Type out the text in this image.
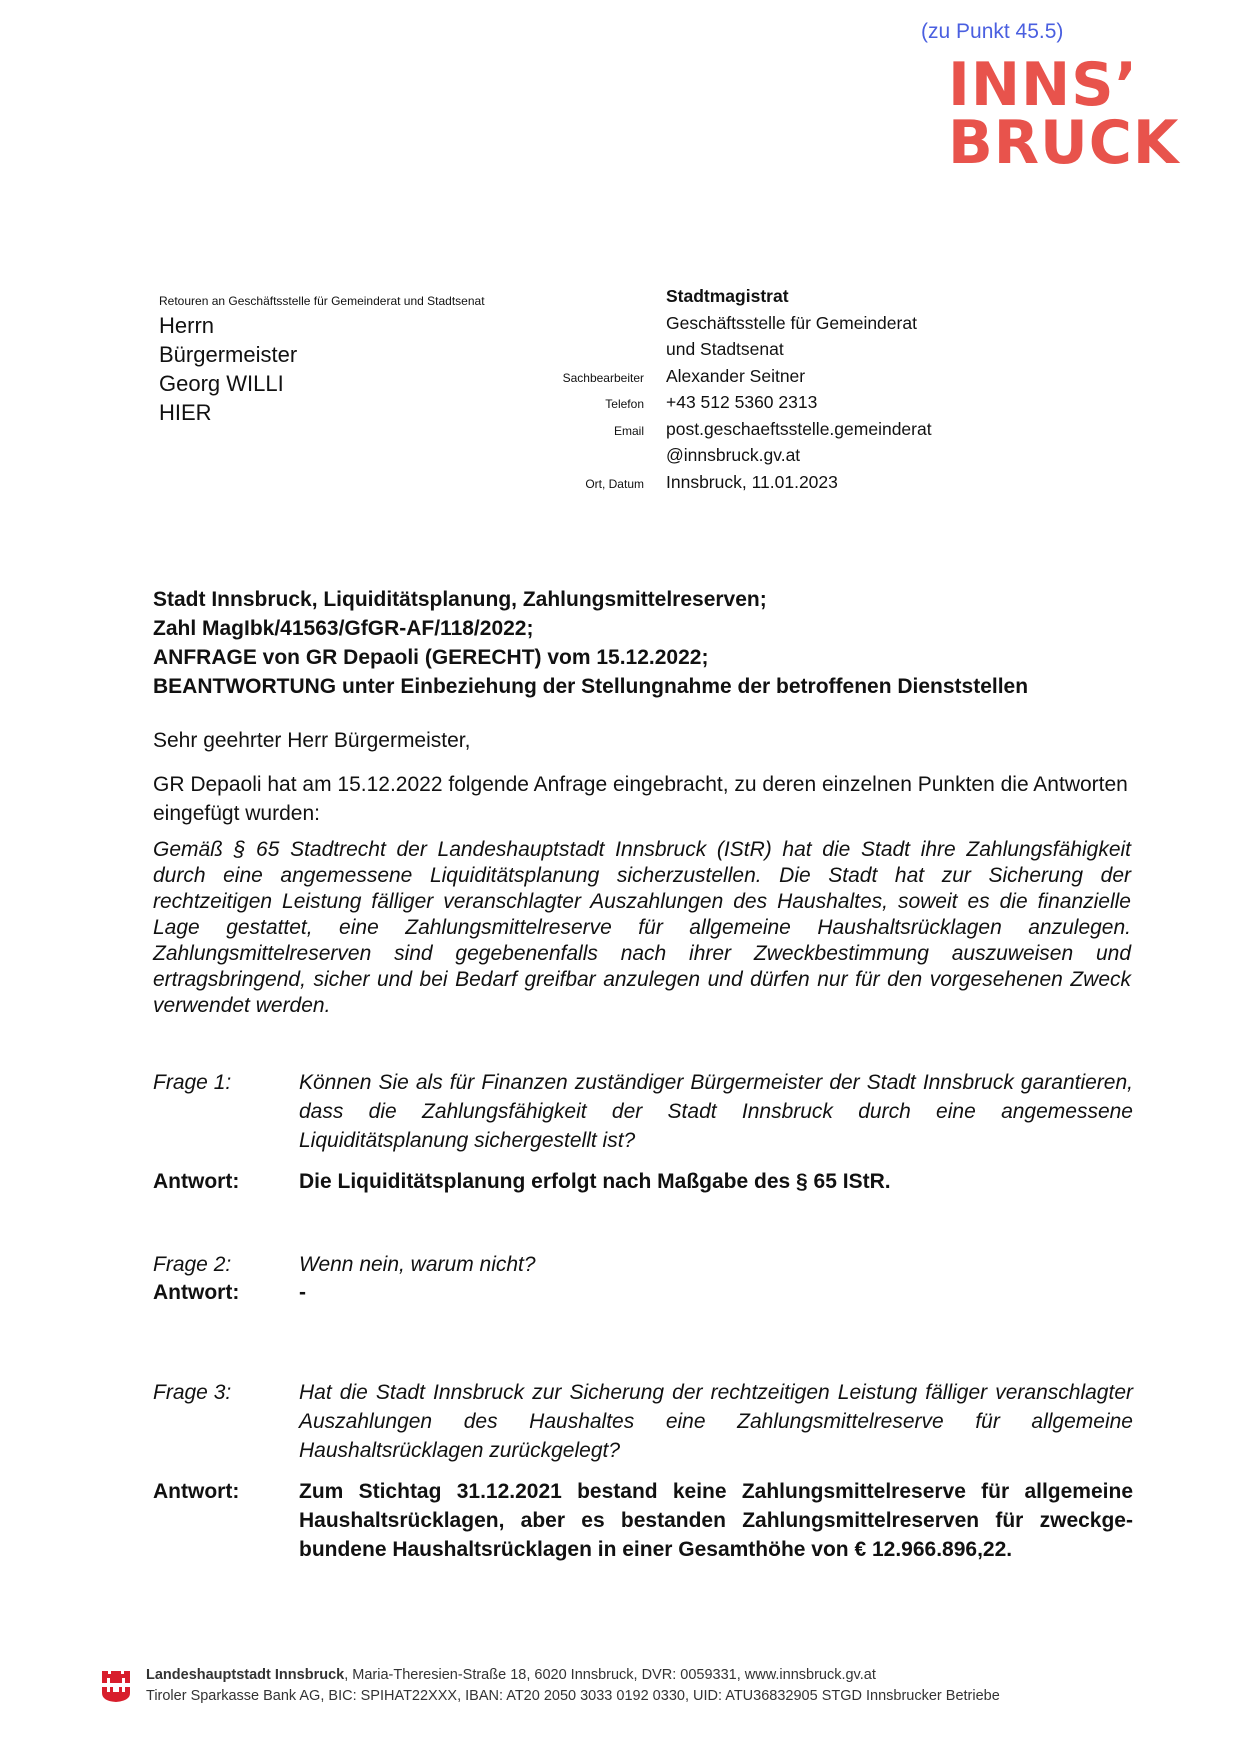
(zu Punkt 45.5)
INNS’
BRUCK
Retouren an Geschäftsstelle für Gemeinderat und Stadtsenat
Herrn
Bürgermeister
Georg WILLI
HIER
Stadtmagistrat
Geschäftsstelle für Gemeinderat
und Stadtsenat
Sachbearbeiter	Alexander Seitner
Telefon	+43 512 5360 2313
Email	post.geschaeftsstelle.gemeinderat
@innsbruck.gv.at
Ort, Datum	Innsbruck, 11.01.2023
Stadt Innsbruck, Liquiditätsplanung, Zahlungsmittelreserven;
Zahl MagIbk/41563/GfGR-AF/118/2022;
ANFRAGE von GR Depaoli (GERECHT) vom 15.12.2022;
BEANTWORTUNG unter Einbeziehung der Stellungnahme der betroffenen Dienststellen
Sehr geehrter Herr Bürgermeister,
GR Depaoli hat am 15.12.2022 folgende Anfrage eingebracht, zu deren einzelnen Punkten die Antworten eingefügt wurden:
Gemäß § 65 Stadtrecht der Landeshauptstadt Innsbruck (IStR) hat die Stadt ihre Zahlungsfähigkeit durch eine angemessene Liquiditätsplanung sicherzustellen. Die Stadt hat zur Sicherung der rechtzeitigen Leistung fälliger veranschlagter Auszahlungen des Haushaltes, soweit es die finanzielle Lage gestattet, eine Zahlungsmittelreserve für allgemeine Haushaltsrücklagen anzulegen. Zahlungsmittelreserven sind gegebenenfalls nach ihrer Zweckbestimmung auszuweisen und ertragsbringend, sicher und bei Bedarf greifbar anzulegen und dürfen nur für den vorgesehenen Zweck verwendet werden.
Frage 1:	Können Sie als für Finanzen zuständiger Bürgermeister der Stadt Innsbruck garantieren, dass die Zahlungsfähigkeit der Stadt Innsbruck durch eine angemessene Liquiditätsplanung sichergestellt ist?
Antwort:	Die Liquiditätsplanung erfolgt nach Maßgabe des § 65 IStR.
Frage 2:	Wenn nein, warum nicht?
Antwort:	-
Frage 3:	Hat die Stadt Innsbruck zur Sicherung der rechtzeitigen Leistung fälliger veranschlagter Auszahlungen des Haushaltes eine Zahlungsmittelreserve für allgemeine Haushaltsrücklagen zurückgelegt?
Antwort:	Zum Stichtag 31.12.2021 bestand keine Zahlungsmittelreserve für allgemeine Haushaltsrücklagen, aber es bestanden Zahlungsmittelreserven für zweckgebundene Haushaltsrücklagen in einer Gesamthöhe von € 12.966.896,22.
Landeshauptstadt Innsbruck, Maria-Theresien-Straße 18, 6020 Innsbruck, DVR: 0059331, www.innsbruck.gv.at
Tiroler Sparkasse Bank AG, BIC: SPIHAT22XXX, IBAN: AT20 2050 3033 0192 0330, UID: ATU36832905 STGD Innsbrucker Betriebe
